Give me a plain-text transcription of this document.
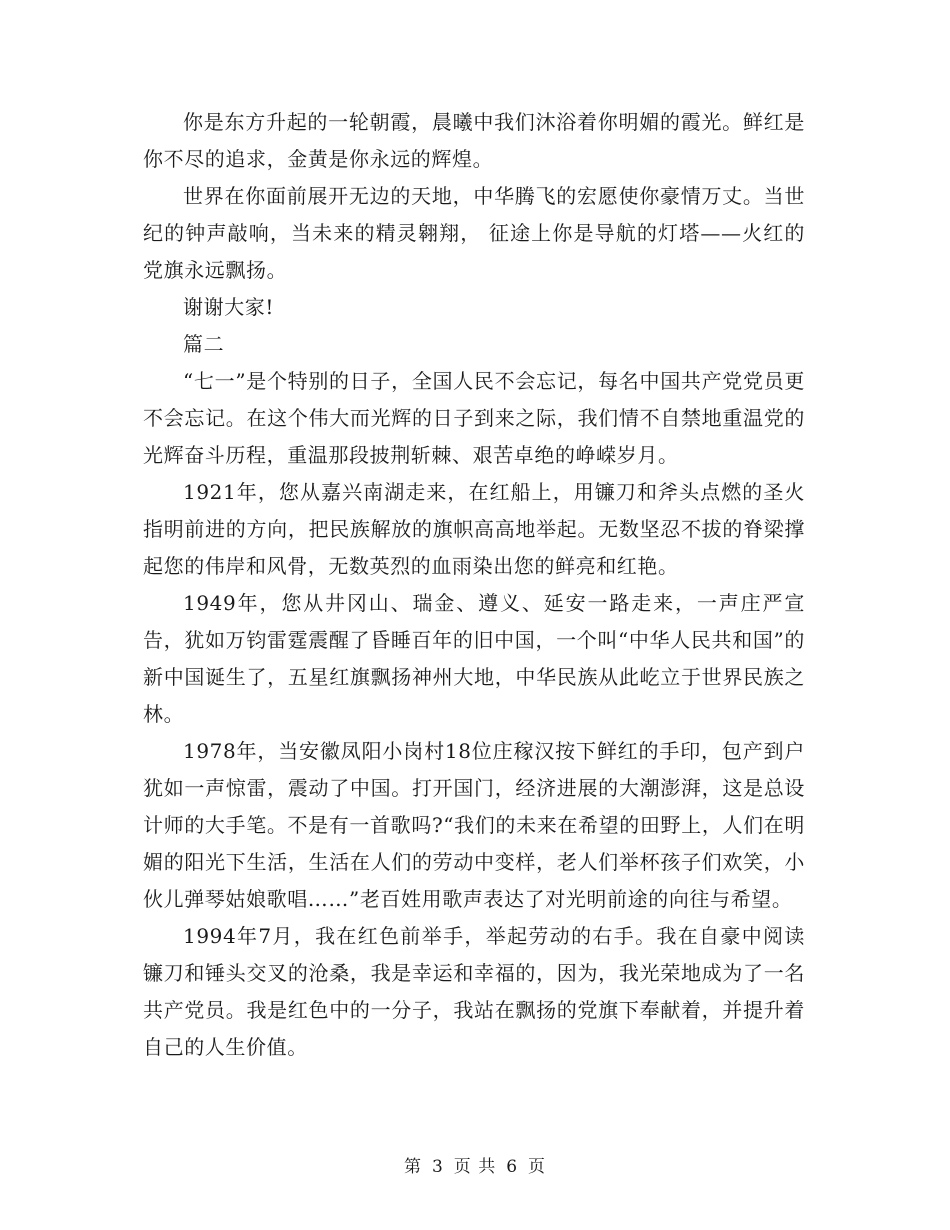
你是东方升起的一轮朝霞，晨曦中我们沐浴着你明媚的霞光。鲜红是你不尽的追求，金黄是你永远的辉煌。

世界在你面前展开无边的天地，中华腾飞的宏愿使你豪情万丈。当世纪的钟声敲响，当未来的精灵翱翔， 征途上你是导航的灯塔——火红的党旗永远飘扬。

谢谢大家!

篇二

“七一”是个特别的日子，全国人民不会忘记，每名中国共产党党员更不会忘记。在这个伟大而光辉的日子到来之际，我们情不自禁地重温党的光辉奋斗历程，重温那段披荆斩棘、艰苦卓绝的峥嵘岁月。

1921年，您从嘉兴南湖走来，在红船上，用镰刀和斧头点燃的圣火指明前进的方向，把民族解放的旗帜高高地举起。无数坚忍不拔的脊梁撑起您的伟岸和风骨，无数英烈的血雨染出您的鲜亮和红艳。

1949年，您从井冈山、瑞金、遵义、延安一路走来，一声庄严宣告，犹如万钧雷霆震醒了昏睡百年的旧中国，一个叫“中华人民共和国”的新中国诞生了，五星红旗飘扬神州大地，中华民族从此屹立于世界民族之林。

1978年，当安徽凤阳小岗村18位庄稼汉按下鲜红的手印，包产到户犹如一声惊雷，震动了中国。打开国门，经济进展的大潮澎湃，这是总设计师的大手笔。不是有一首歌吗?“我们的未来在希望的田野上，人们在明媚的阳光下生活，生活在人们的劳动中变样，老人们举杯孩子们欢笑，小伙儿弹琴姑娘歌唱……”老百姓用歌声表达了对光明前途的向往与希望。

1994年7月，我在红色前举手，举起劳动的右手。我在自豪中阅读镰刀和锤头交叉的沧桑，我是幸运和幸福的，因为，我光荣地成为了一名共产党员。我是红色中的一分子，我站在飘扬的党旗下奉献着，并提升着自己的人生价值。

第 3 页 共 6 页
